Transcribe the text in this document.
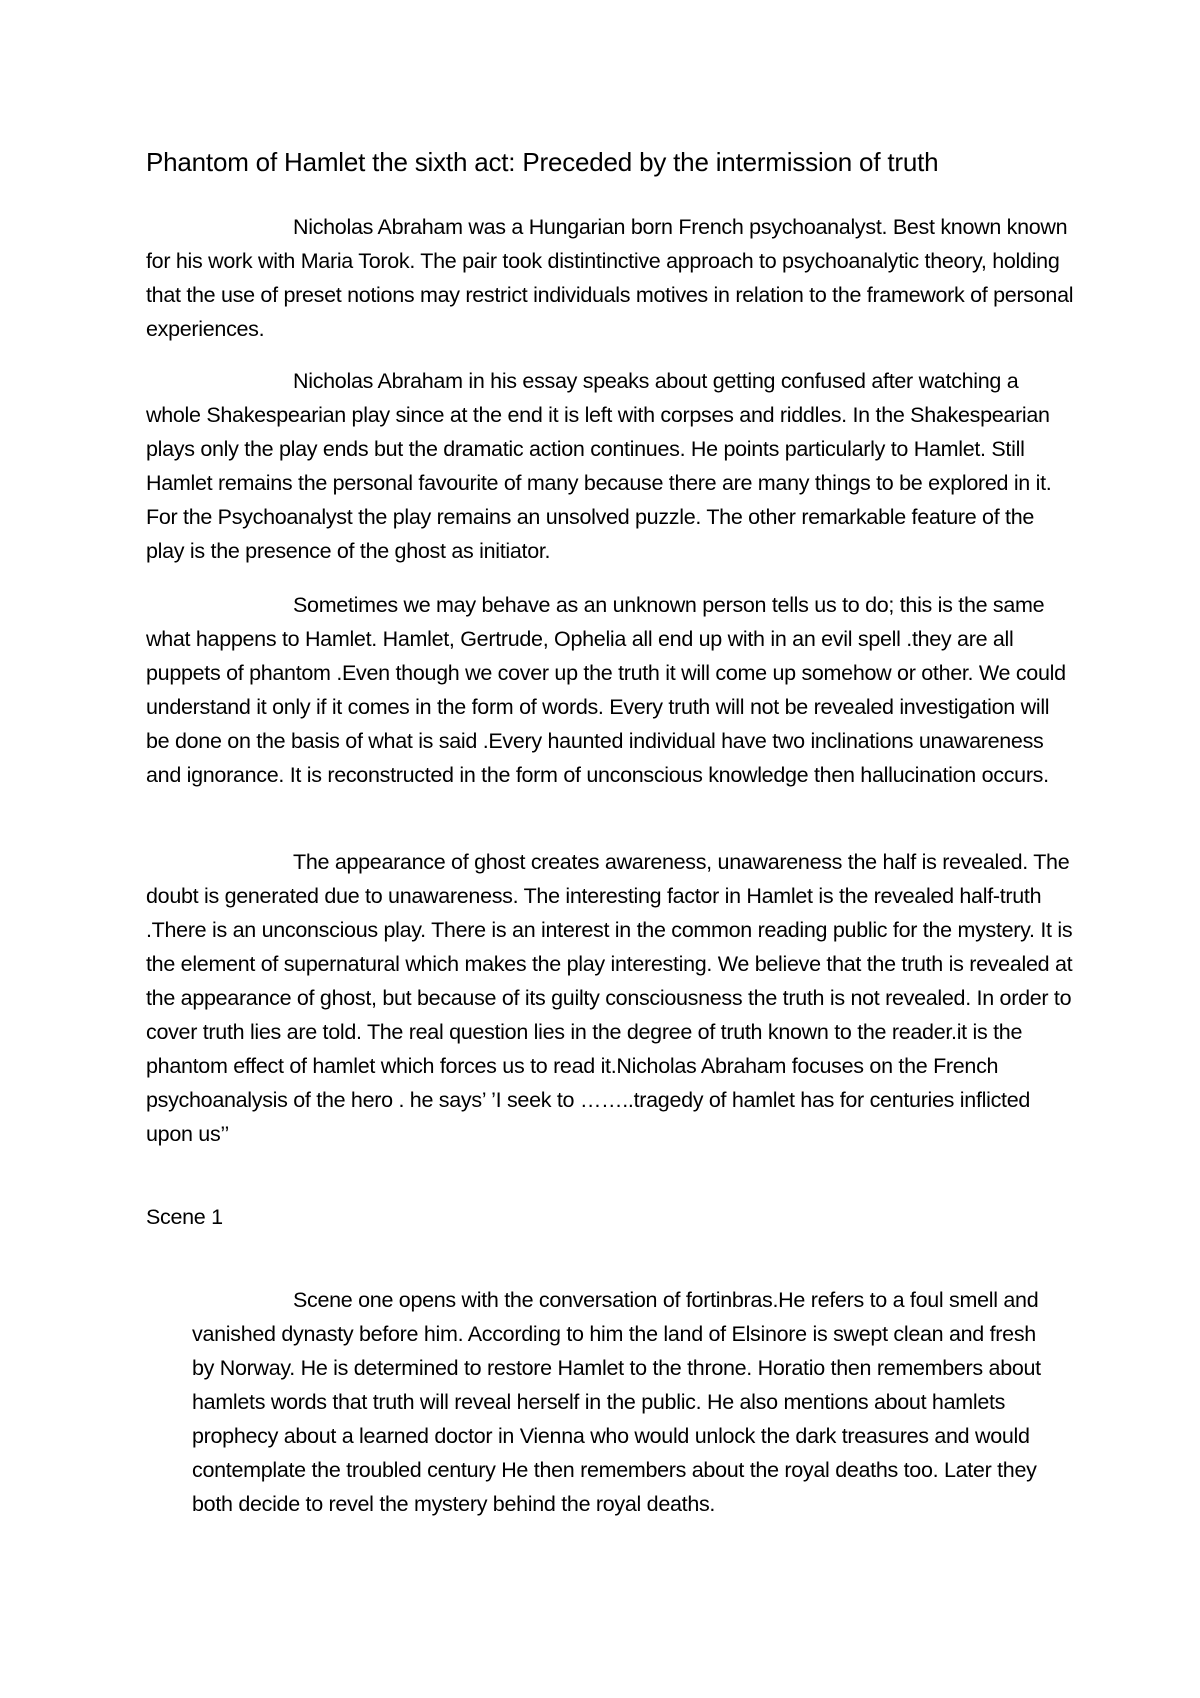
Phantom of Hamlet the sixth act: Preceded by the intermission of truth

Nicholas Abraham was a Hungarian born French psychoanalyst. Best known known for his work with Maria Torok. The pair took distintinctive approach to psychoanalytic theory, holding that the use of preset notions may restrict individuals motives in relation to the framework of personal experiences.

Nicholas Abraham in his essay speaks about getting confused after watching a whole Shakespearian play since at the end it is left with corpses and riddles. In the Shakespearian plays only the play ends but the dramatic action continues. He points particularly to Hamlet. Still Hamlet remains the personal favourite of many because there are many things to be explored in it. For the Psychoanalyst the play remains an unsolved puzzle. The other remarkable feature of the play is the presence of the ghost as initiator.

Sometimes we may behave as an unknown person tells us to do; this is the same what happens to Hamlet. Hamlet, Gertrude, Ophelia all end up with in an evil spell .they are all puppets of phantom .Even though we cover up the truth it will come up somehow or other. We could understand it only if it comes in the form of words. Every truth will not be revealed investigation will be done on the basis of what is said .Every haunted individual have two inclinations unawareness and ignorance. It is reconstructed in the form of unconscious knowledge then hallucination occurs.

The appearance of ghost creates awareness, unawareness the half is revealed. The doubt is generated due to unawareness. The interesting factor in Hamlet is the revealed half-truth .There is an unconscious play. There is an interest in the common reading public for the mystery. It is the element of supernatural which makes the play interesting. We believe that the truth is revealed at the appearance of ghost, but because of its guilty consciousness the truth is not revealed. In order to cover truth lies are told. The real question lies in the degree of truth known to the reader.it is the phantom effect of hamlet which forces us to read it.Nicholas Abraham focuses on the French psychoanalysis of the hero . he says’ ’I seek to ……..tragedy of hamlet has for centuries inflicted upon us’’

Scene 1

Scene one opens with the conversation of fortinbras.He refers to a foul smell and vanished dynasty before him. According to him the land of Elsinore is swept clean and fresh by Norway. He is determined to restore Hamlet to the throne. Horatio then remembers about hamlets words that truth will reveal herself in the public. He also mentions about hamlets prophecy about a learned doctor in Vienna who would unlock the dark treasures and would contemplate the troubled century He then remembers about the royal deaths too. Later they both decide to revel the mystery behind the royal deaths.
